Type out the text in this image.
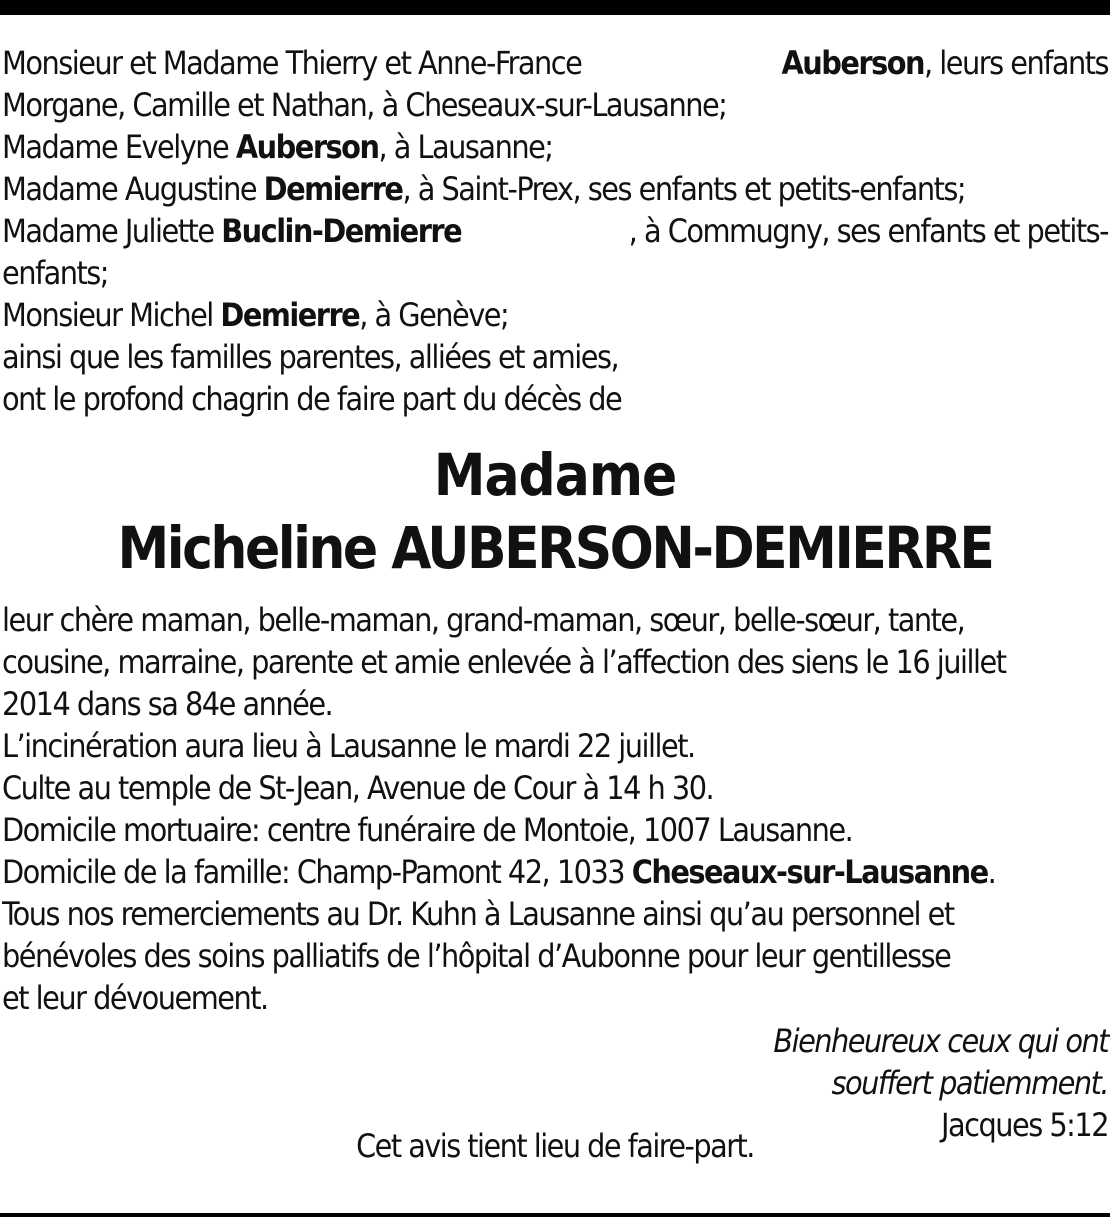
Monsieur et Madame Thierry et Anne-France	Auberson, leurs enfants
Morgane, Camille et Nathan, à Cheseaux-sur-Lausanne;
Madame Evelyne
Auberson , à Lausanne;
Madame Augustine
Demierre , à Saint-Prex, ses enfants et petits-enfants;
Madame Juliette Buclin-Demierre	, à Commugny, ses enfants et petits-
enfants;
Monsieur Michel
Demierre , à Genève;
ainsi que les familles parentes, alliées et amies,
ont le profond chagrin de faire part du décès de
Madame
Micheline AUBERSON-DEMIERRE
leur chère maman, belle-maman, grand-maman, sœur, belle-sœur, tante,
cousine, marraine, parente et amie enlevée à l’affection des siens le 16 juillet
2014 dans sa 84e année.
L’incinération aura lieu à Lausanne le mardi 22 juillet.
Culte au temple de St-Jean, Avenue de Cour à 14 h 30.
Domicile mortuaire: centre funéraire de Montoie, 1007 Lausanne.
Domicile de la famille: Champ-Pamont 42, 1033
Cheseaux-sur-Lausanne .
Tous nos remerciements au Dr. Kuhn à Lausanne ainsi qu’au personnel et
bénévoles des soins palliatifs de l’hôpital d’Aubonne pour leur gentillesse
et leur dévouement.
Bienheureux ceux qui ont
souffert patiemment.
Jacques 5:12
Cet avis tient lieu de faire-part.
